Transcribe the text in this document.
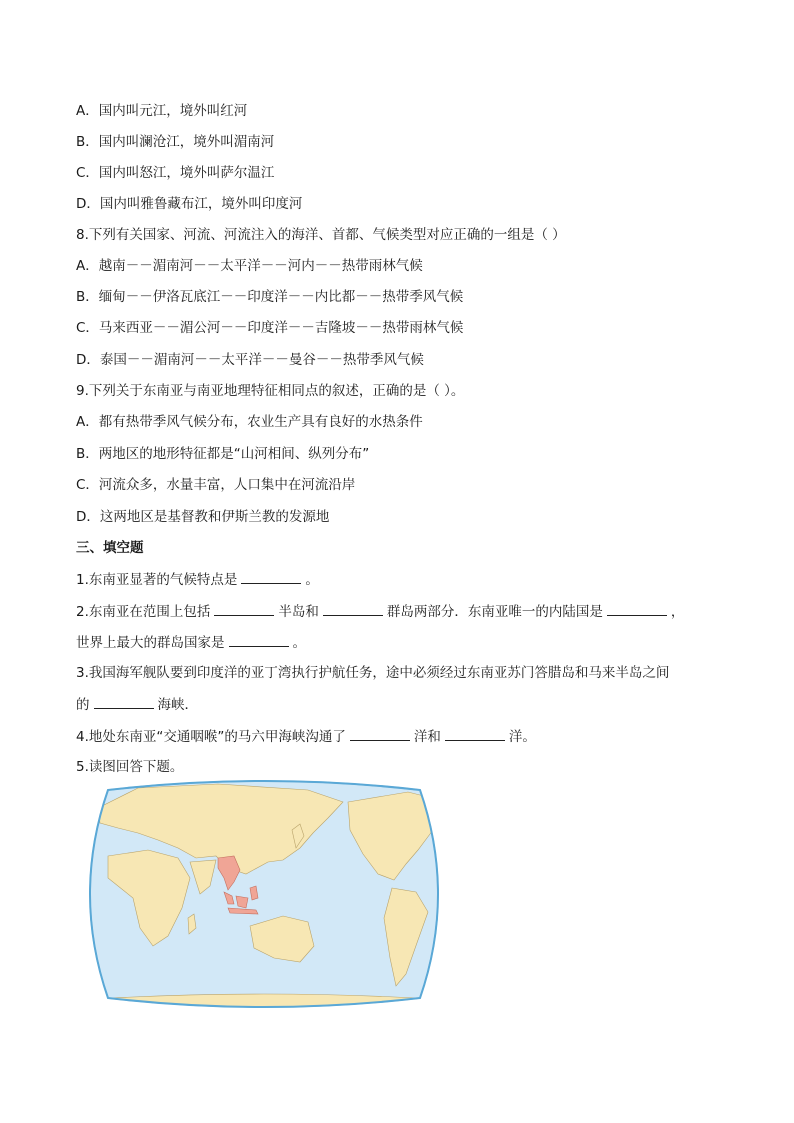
A．国内叫元江，境外叫红河
B．国内叫澜沧江，境外叫湄南河
C．国内叫怒江，境外叫萨尔温江
D．国内叫雅鲁藏布江，境外叫印度河
8.下列有关国家、河流、河流注入的海洋、首都、气候类型对应正确的一组是（ ）
A．越南－－湄南河－－太平洋－－河内－－热带雨林气候
B．缅甸－－伊洛瓦底江－－印度洋－－内比都－－热带季风气候
C．马来西亚－－湄公河－－印度洋－－吉隆坡－－热带雨林气候
D．泰国－－湄南河－－太平洋－－曼谷－－热带季风气候
9.下列关于东南亚与南亚地理特征相同点的叙述，正确的是（ ）。
A．都有热带季风气候分布，农业生产具有良好的水热条件
B．两地区的地形特征都是“山河相间、纵列分布”
C．河流众多，水量丰富，人口集中在河流沿岸
D．这两地区是基督教和伊斯兰教的发源地
三、填空题
1.东南亚显著的气候特点是	。
2.东南亚在范围上包括	半岛和	群岛两部分．东南亚唯一的内陆国是	，
世界上最大的群岛国家是	。
3.我国海军舰队要到印度洋的亚丁湾执行护航任务，途中必须经过东南亚苏门答腊岛和马来半岛之间
的	海峡．
4.地处东南亚“交通咽喉”的马六甲海峡沟通了	洋和	洋。
5.读图回答下题。
